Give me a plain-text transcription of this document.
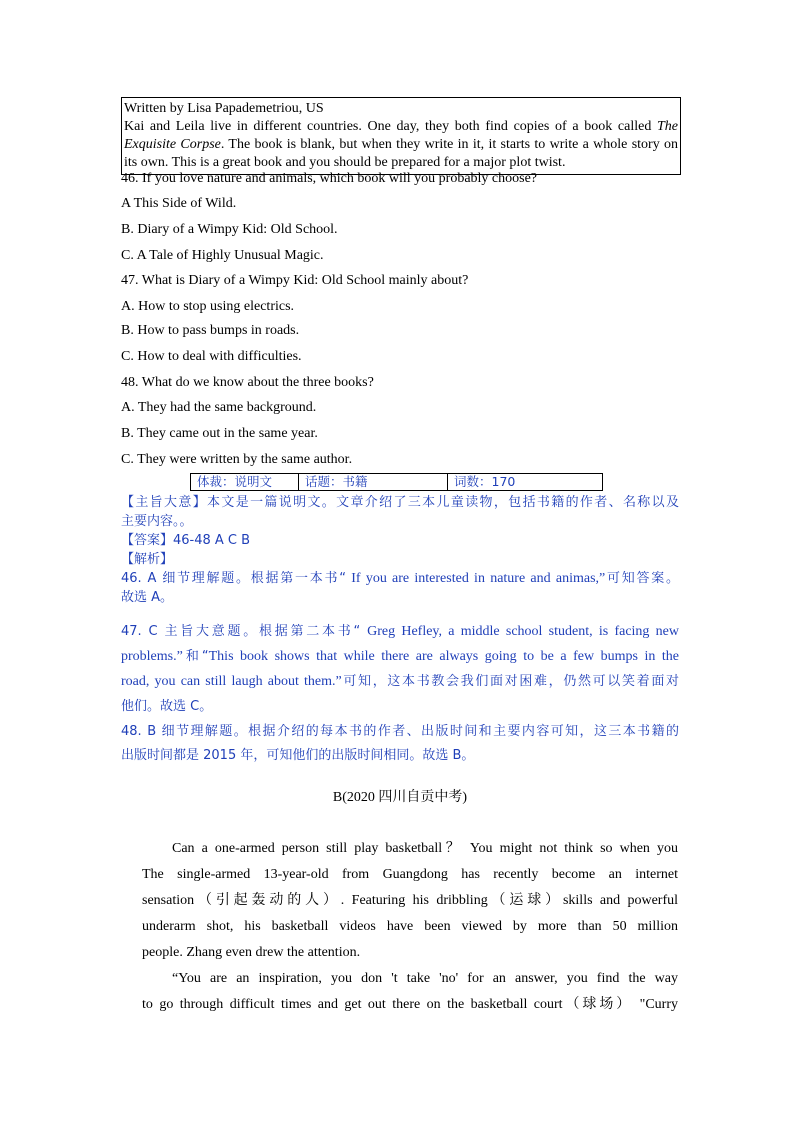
Written by Lisa Papademetriou, US
Kai and Leila live in different countries. One day, they both find copies of a book called The
Exquisite Corpse. The book is blank, but when they write in it, it starts to write a whole story on
its own. This is a great book and you should be prepared for a major plot twist.
46. If you love nature and animals, which book will you probably choose?
A This Side of Wild.
B. Diary of a Wimpy Kid: Old School.
C. A Tale of Highly Unusual Magic.
47. What is Diary of a Wimpy Kid: Old School mainly about?
A. How to stop using electrics.
B. How to pass bumps in roads.
C. How to deal with difficulties.
48. What do we know about the three books?
A. They had the same background.
B. They came out in the same year.
C. They were written by the same author.
体裁：说明文	话题：书籍	词数：170
【主旨大意】本文是一篇说明文。文章介绍了三本儿童读物，包括书籍的作者、名称以及
主要内容。。
【答案】46-48 A C B
【解析】
46. A 细节理解题。根据第一本书“ If you are interested in nature and animas,”可知答案。
故选 A。
47. C 主旨大意题。根据第二本书“ Greg Hefley, a middle school student, is facing new
problems.”和“This book shows that while there are always going to be a few bumps in the
road, you can still laugh about them.”可知，这本书教会我们面对困难，仍然可以笑着面对
他们。故选 C。
48. B 细节理解题。根据介绍的每本书的作者、出版时间和主要内容可知，这三本书籍的
出版时间都是 2015 年，可知他们的出版时间相同。故选 B。
B(2020 四川自贡中考)
Can a one-armed person still play basketball？ You might not think so when you
The single-armed 13-year-old from Guangdong has recently become an internet
sensation（引起轰动的人）. Featuring his dribbling（运球）skills and powerful
underarm shot, his basketball videos have been viewed by more than 50 million
people. Zhang even drew the attention.
“You are an inspiration, you don 't take 'no' for an answer, you find the way
to go through difficult times and get out there on the basketball court（球场） "Curry
